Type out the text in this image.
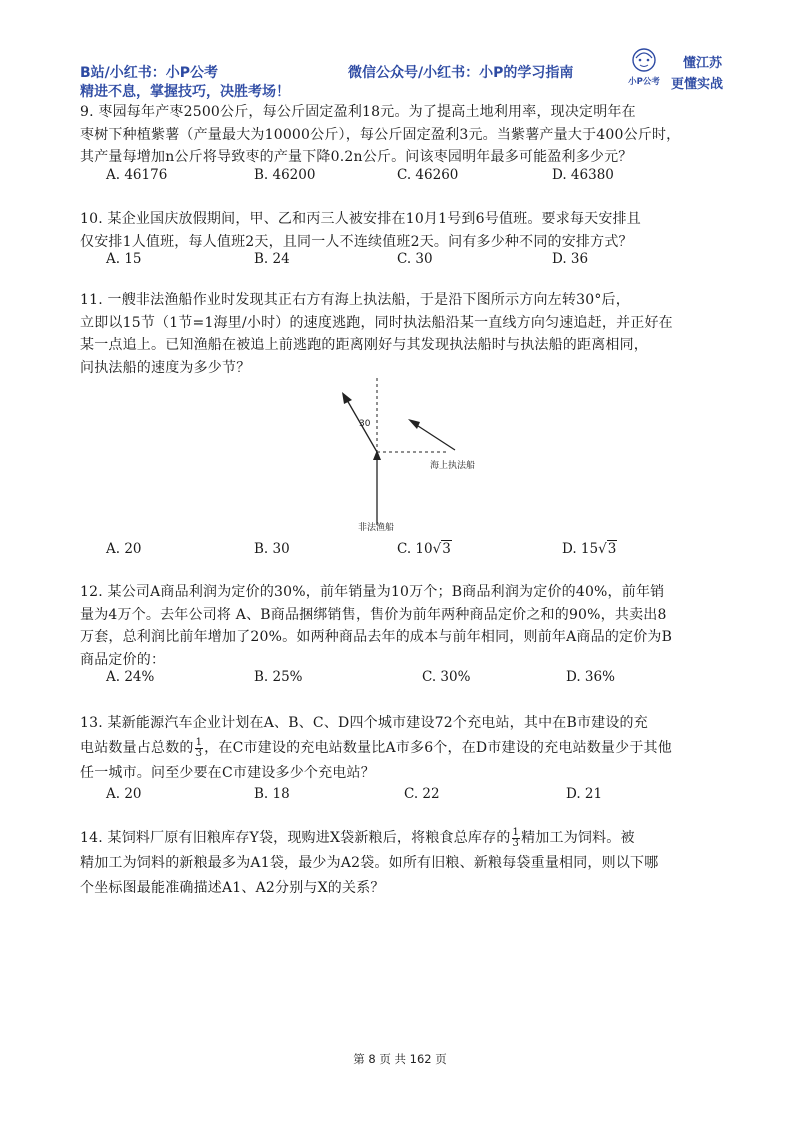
B站/小红书：小P公考	微信公众号/小红书：小P的学习指南
精进不息，掌握技巧，决胜考场！
小P公考
懂江苏
更懂实战
9. 枣园每年产枣2500公斤，每公斤固定盈利18元。为了提高土地利用率，现决定明年在
枣树下种植紫薯（产量最大为10000公斤），每公斤固定盈利3元。当紫薯产量大于400公斤时，
其产量每增加n公斤将导致枣的产量下降0.2n公斤。问该枣园明年最多可能盈利多少元？
A. 46176	B. 46200	C. 46260	D. 46380
10. 某企业国庆放假期间，甲、乙和丙三人被安排在10月1号到6号值班。要求每天安排且
仅安排1人值班，每人值班2天，且同一人不连续值班2天。问有多少种不同的安排方式？
A. 15	B. 24	C. 30	D. 36
11. 一艘非法渔船作业时发现其正右方有海上执法船，于是沿下图所示方向左转30°后，
立即以15节（1节=1海里/小时）的速度逃跑，同时执法船沿某一直线方向匀速追赶，并正好在
某一点追上。已知渔船在被追上前逃跑的距离刚好与其发现执法船时与执法船的距离相同，
问执法船的速度为多少节？
30
海上执法船
非法渔船
A. 20	B. 30	C. 10√3	D. 15√3
12. 某公司A商品利润为定价的30%，前年销量为10万个；B商品利润为定价的40%，前年销
量为4万个。去年公司将 A、B商品捆绑销售，售价为前年两种商品定价之和的90%，共卖出8
万套，总利润比前年增加了20%。如两种商品去年的成本与前年相同，则前年A商品的定价为B
商品定价的：
A. 24%	B. 25%	C. 30%	D. 36%
13. 某新能源汽车企业计划在A、B、C、D四个城市建设72个充电站，其中在B市建设的充
电站数量占总数的 $\frac{1}{3}$ ，在C市建设的充电站数量比A市多6个，在D市建设的充电站数量少于其他
任一城市。问至少要在C市建设多少个充电站？
A. 20	B. 18	C. 22	D. 21
14. 某饲料厂原有旧粮库存Y袋，现购进X袋新粮后，将粮食总库存的 $\frac{1}{3}$ 精加工为饲料。被
精加工为饲料的新粮最多为A1袋，最少为A2袋。如所有旧粮、新粮每袋重量相同，则以下哪
个坐标图最能准确描述A1、A2分别与X的关系？
第 8 页 共 162 页
